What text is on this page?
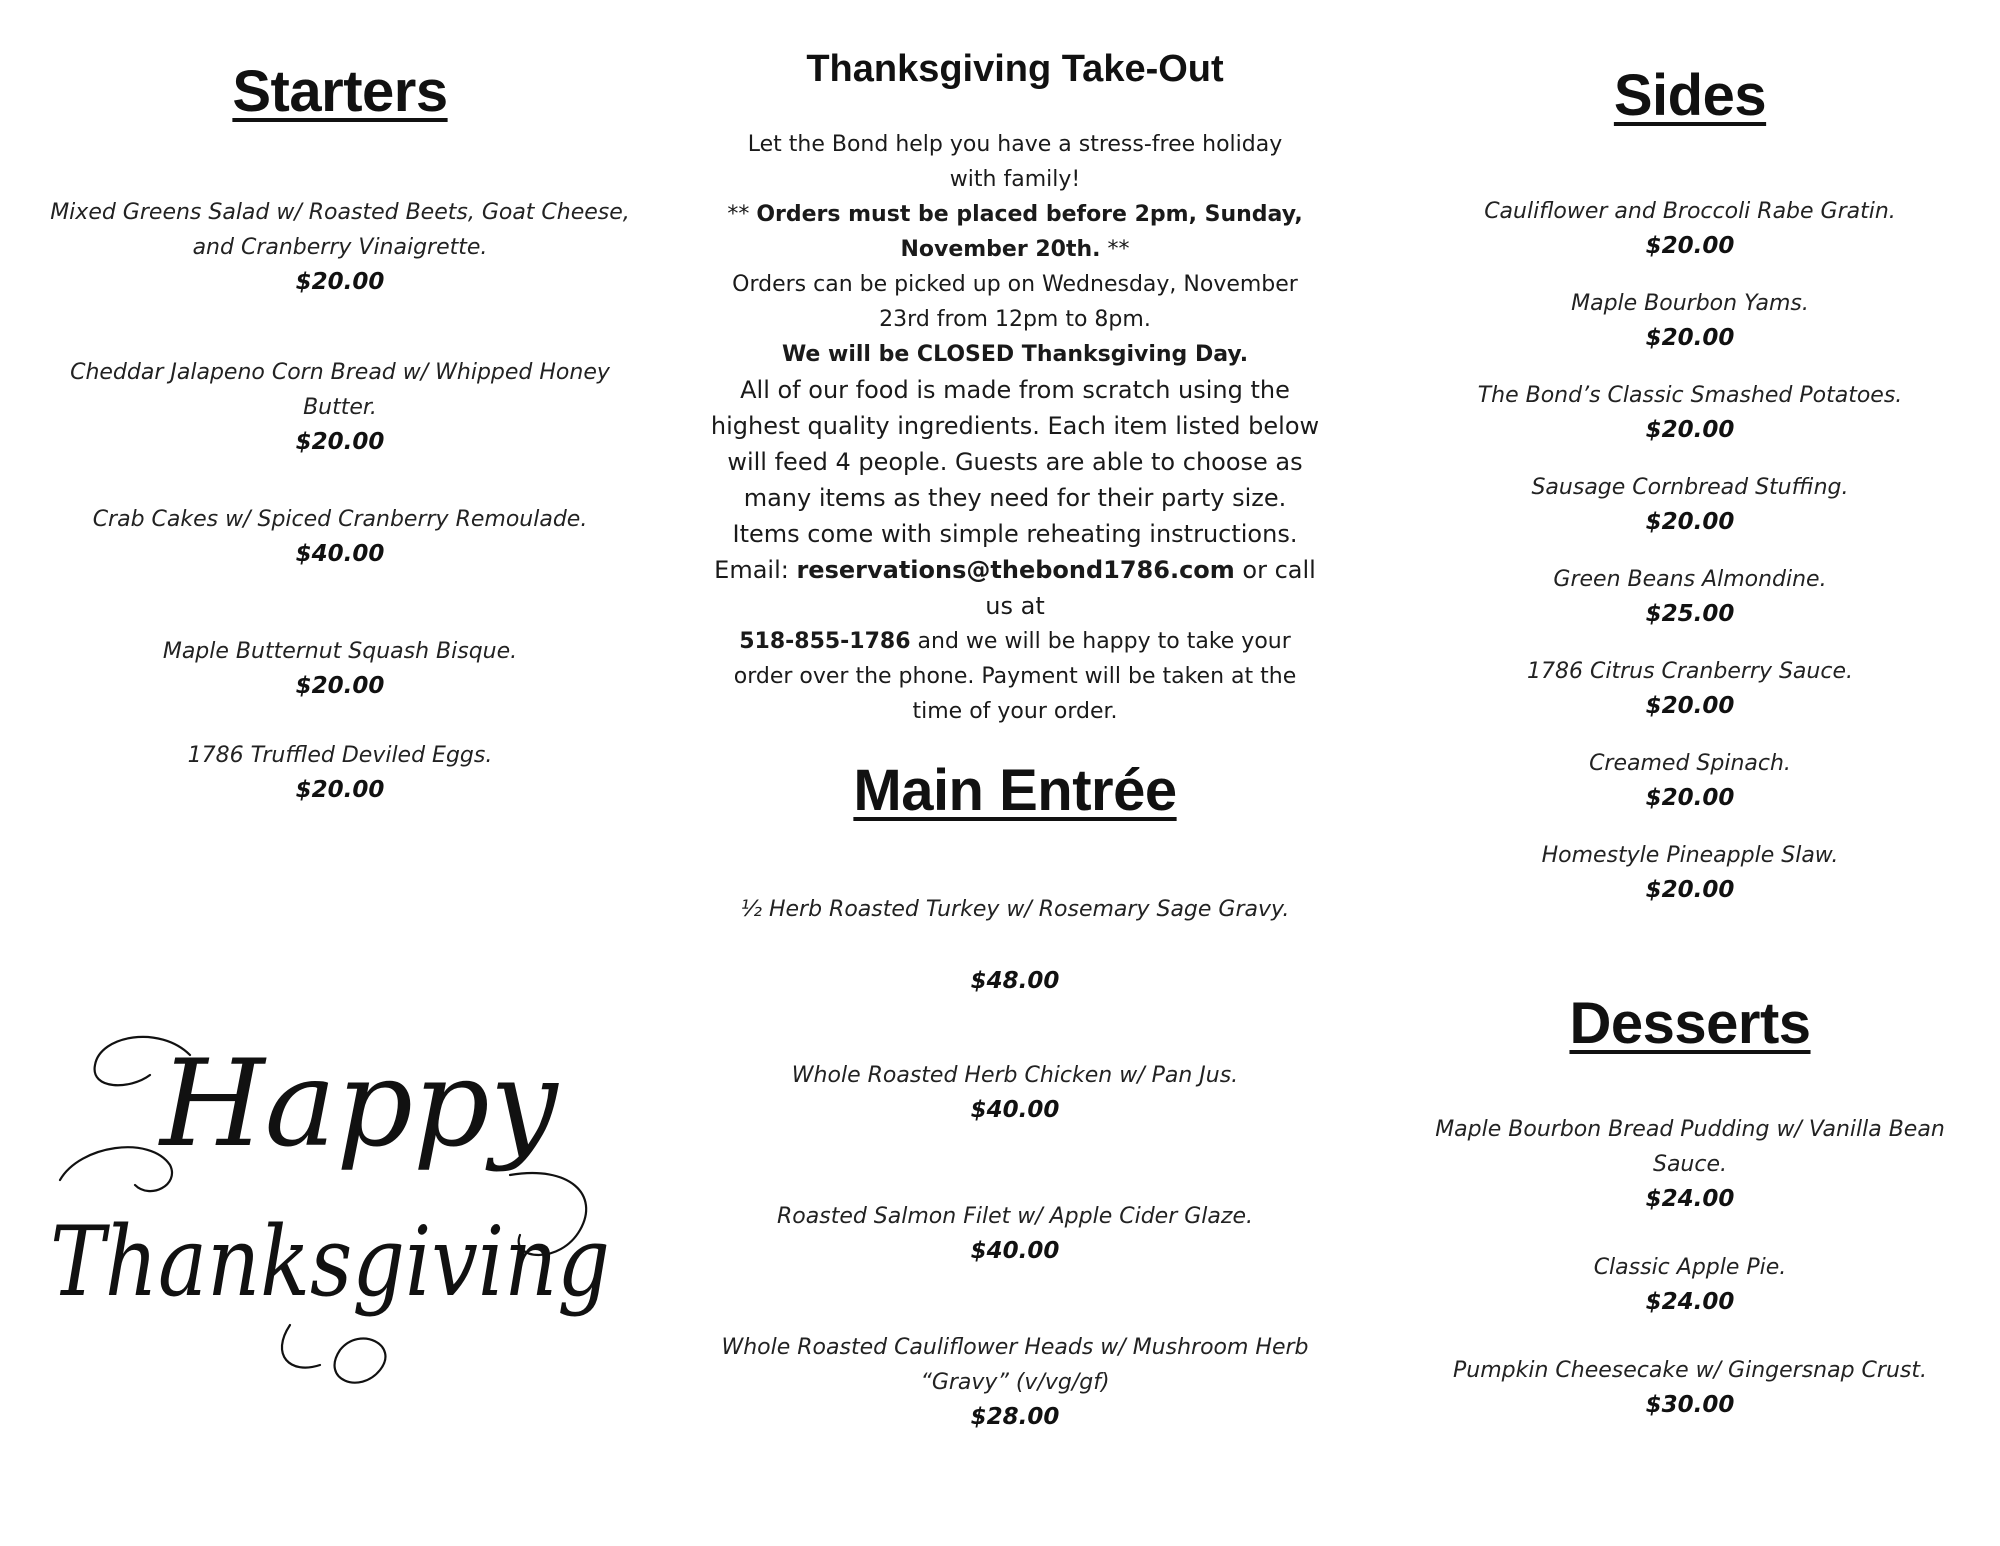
Starters
Mixed Greens Salad w/ Roasted Beets, Goat Cheese,
and Cranberry Vinaigrette.
$20.00
Cheddar Jalapeno Corn Bread w/ Whipped Honey
Butter.
$20.00
Crab Cakes w/ Spiced Cranberry Remoulade.
$40.00
Maple Butternut Squash Bisque.
$20.00
1786 Truffled Deviled Eggs.
$20.00
Happy
Thanksgiving
Thanksgiving Take-Out

Let the Bond help you have a stress-free holiday

with family!

** Orders must be placed before 2pm, Sunday,

November 20th. **

Orders can be picked up on Wednesday, November

23rd from 12pm to 8pm.

We will be CLOSED Thanksgiving Day.

All of our food is made from scratch using the

highest quality ingredients. Each item listed below

will feed 4 people. Guests are able to choose as

many items as they need for their party size.

Items come with simple reheating instructions.

Email: reservations@thebond1786.com or call

us at

518-855-1786 and we will be happy to take your

order over the phone. Payment will be taken at the

time of your order.

Main Entrée
½ Herb Roasted Turkey w/ Rosemary Sage Gravy.
$48.00
Whole Roasted Herb Chicken w/ Pan Jus.
$40.00
Roasted Salmon Filet w/ Apple Cider Glaze.
$40.00
Whole Roasted Cauliflower Heads w/ Mushroom Herb
“Gravy” (v/vg/gf)
$28.00
Sides
Cauliflower and Broccoli Rabe Gratin.
$20.00
Maple Bourbon Yams.
$20.00
The Bond’s Classic Smashed Potatoes.
$20.00
Sausage Cornbread Stuffing.
$20.00
Green Beans Almondine.
$25.00
1786 Citrus Cranberry Sauce.
$20.00
Creamed Spinach.
$20.00
Homestyle Pineapple Slaw.
$20.00
Desserts
Maple Bourbon Bread Pudding w/ Vanilla Bean
Sauce.
$24.00
Classic Apple Pie.
$24.00
Pumpkin Cheesecake w/ Gingersnap Crust.
$30.00
